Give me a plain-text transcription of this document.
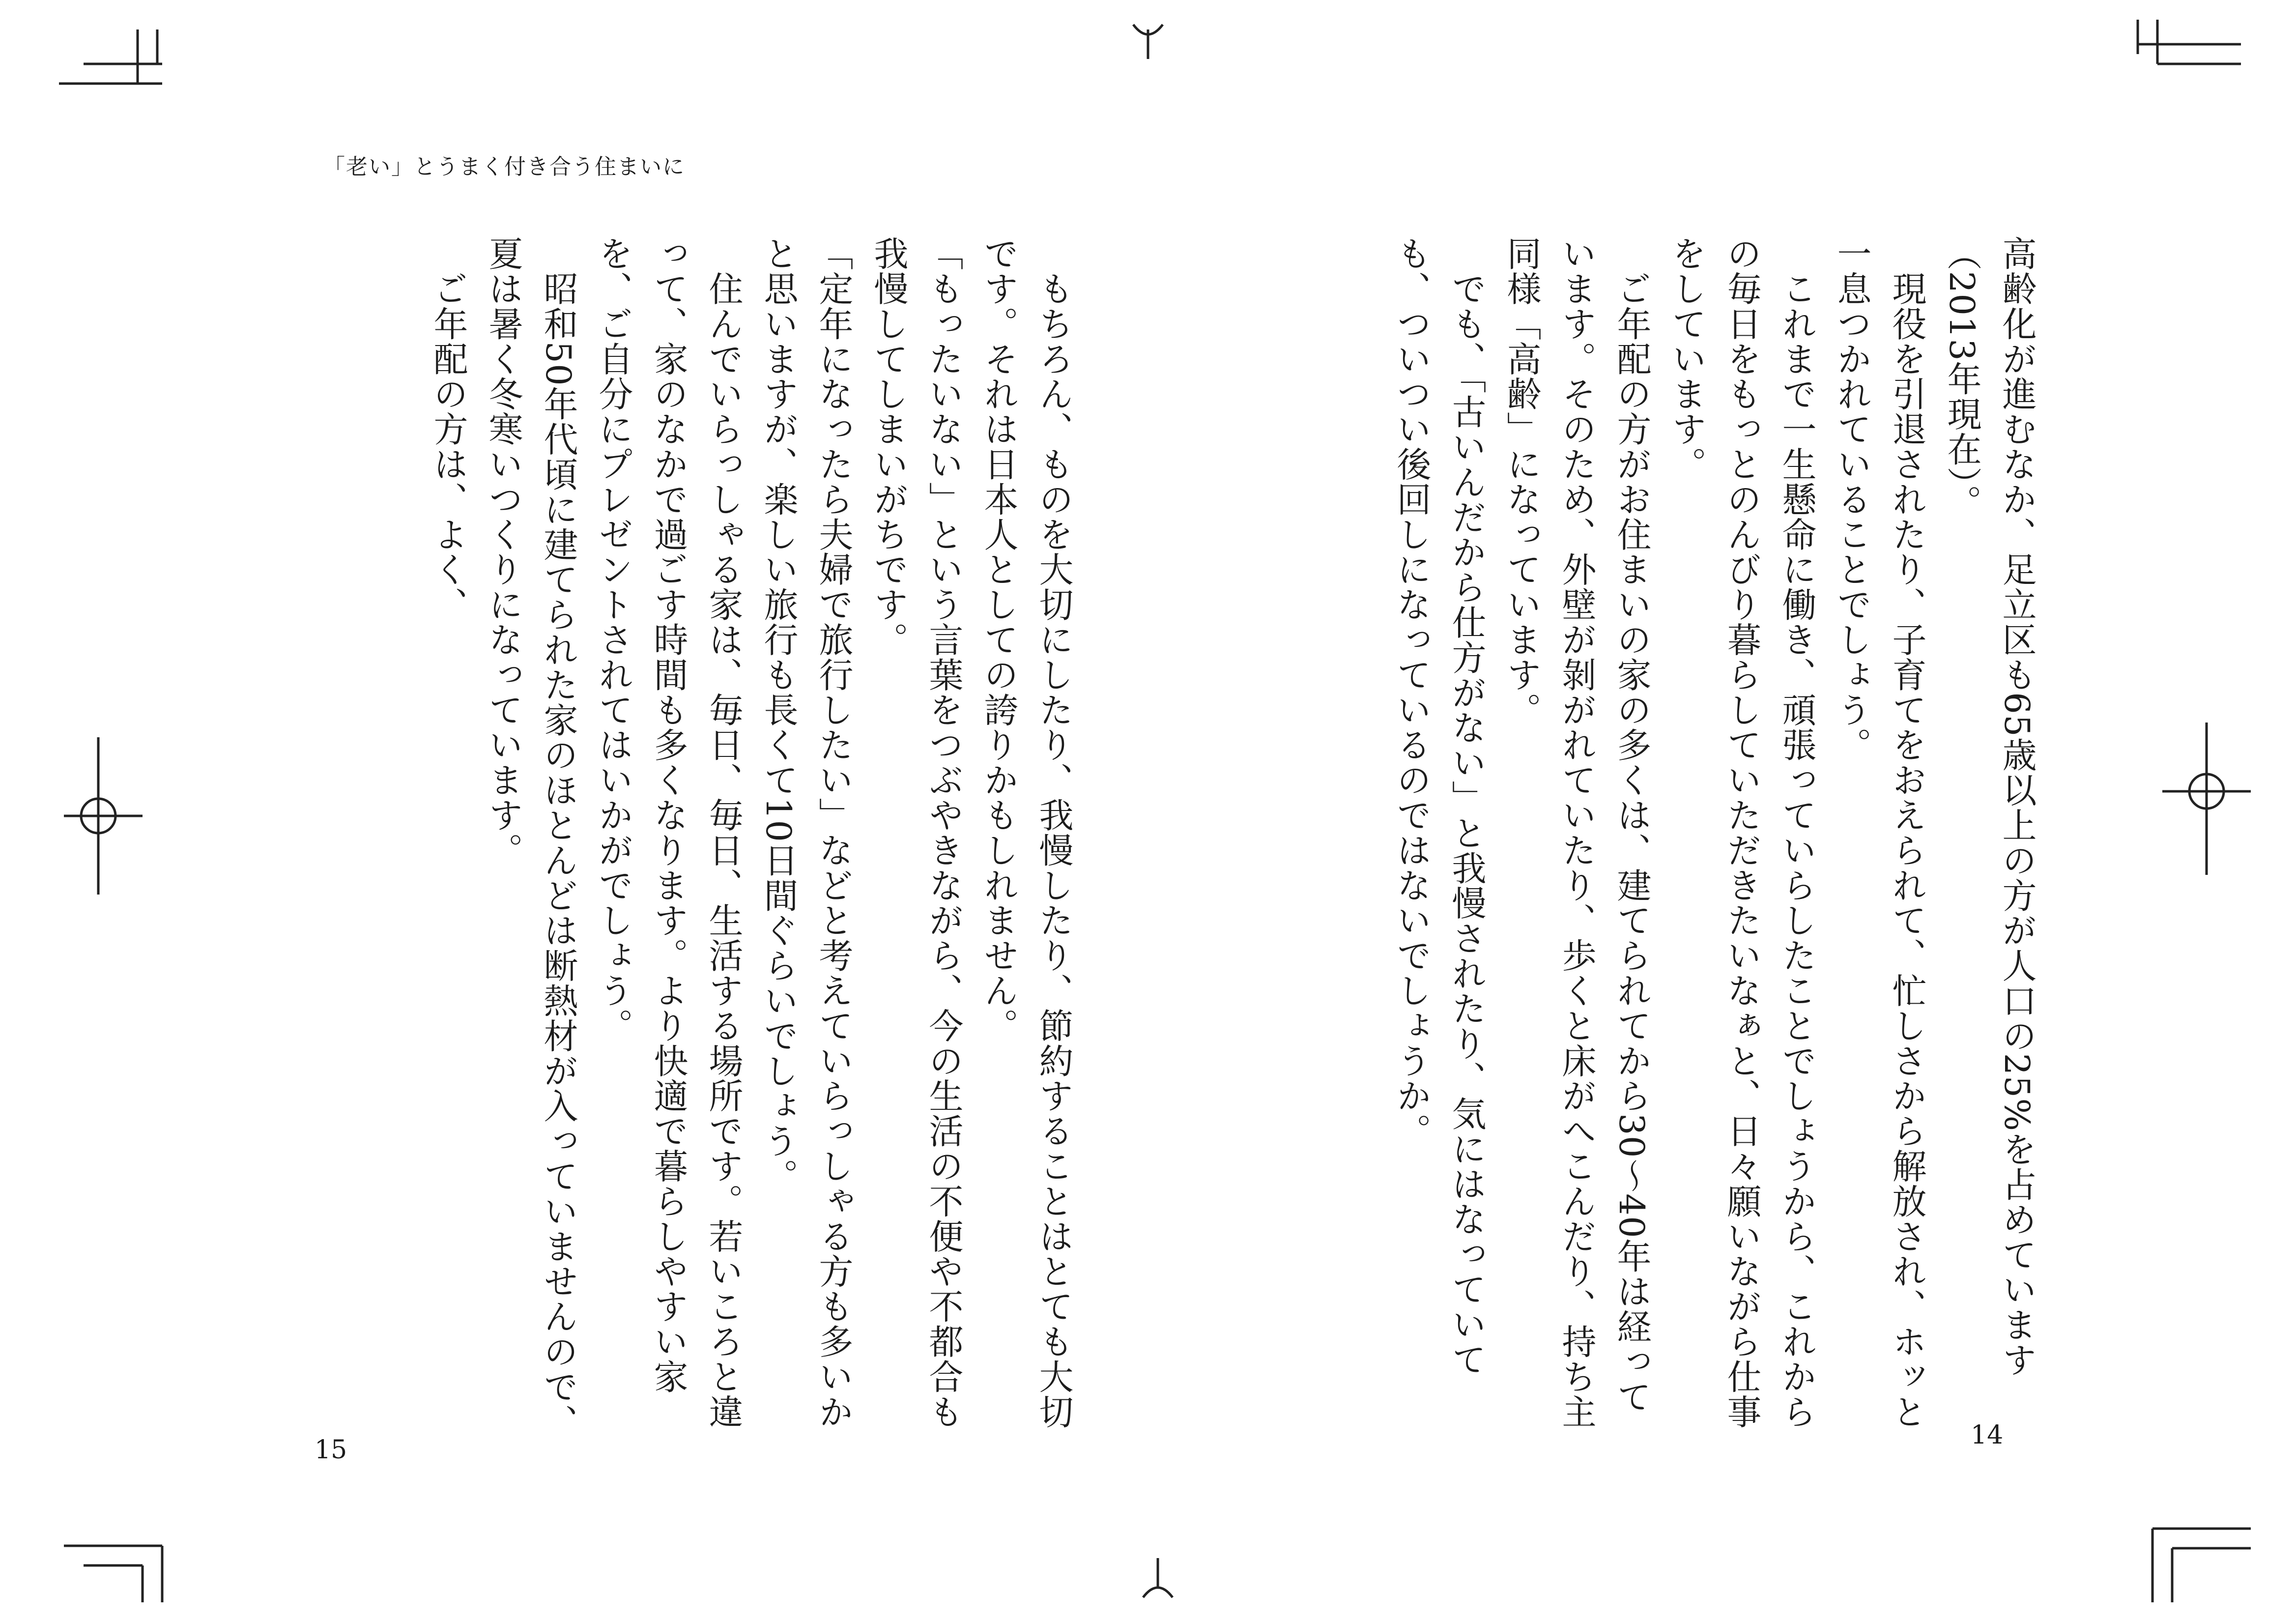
「老い」とうまく付き合う住まいに

高齢化が進むなか、足立区も65歳以上の方が人口の25%を占めています（2013年現在）。

　現役を引退されたり、子育てをおえられて、忙しさから解放され、ホッと一息つかれていることでしょう。

　これまで一生懸命に働き、頑張っていらしたことでしょうから、これからの毎日をもっとのんびり暮らしていただきたいなぁと、日々願いながら仕事をしています。

　ご年配の方がお住まいの家の多くは、建てられてから30～40年は経っています。そのため、外壁が剝がれていたり、歩くと床がへこんだり、持ち主同様「高齢」になっています。

　でも、「古いんだから仕方がない」と我慢されたり、気にはなっていても、ついつい後回しになっているのではないでしょうか。

　もちろん、ものを大切にしたり、我慢したり、節約することはとても大切です。それは日本人としての誇りかもしれません。

「もったいない」という言葉をつぶやきながら、今の生活の不便や不都合も我慢してしまいがちです。

「定年になったら夫婦で旅行したい」などと考えていらっしゃる方も多いかと思いますが、楽しい旅行も長くて10日間ぐらいでしょう。

　住んでいらっしゃる家は、毎日、毎日、生活する場所です。若いころと違って、家のなかで過ごす時間も多くなります。より快適で暮らしやすい家を、ご自分にプレゼントされてはいかがでしょう。

　昭和50年代頃に建てられた家のほとんどは断熱材が入っていませんので、夏は暑く冬寒いつくりになっています。

　ご年配の方は、よく、

15	14
